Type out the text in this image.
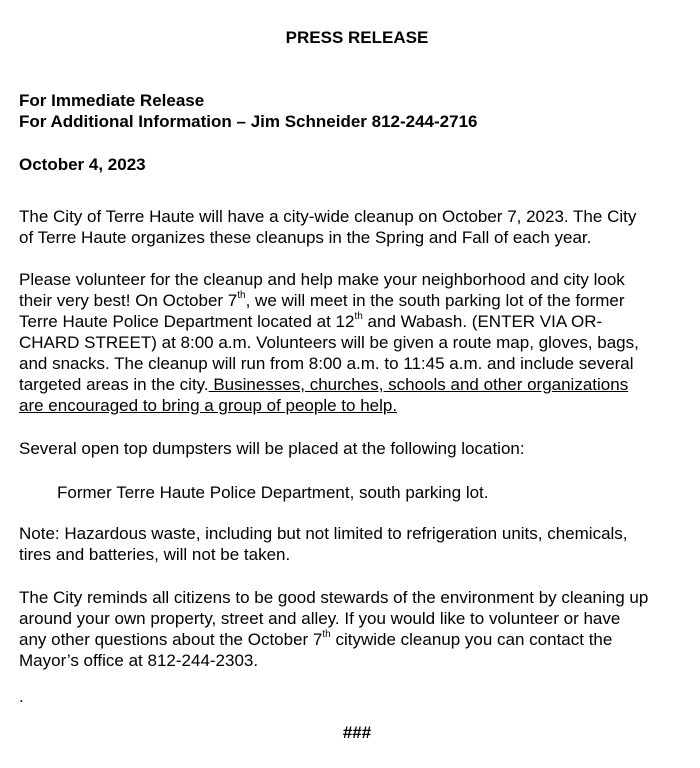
PRESS RELEASE
For Immediate Release
For Additional Information – Jim Schneider 812-244-2716
October 4, 2023
The City of Terre Haute will have a city-wide cleanup on October 7, 2023. The City
of Terre Haute organizes these cleanups in the Spring and Fall of each year.
Please volunteer for the cleanup and help make your neighborhood and city look
their very best! On October 7th, we will meet in the south parking lot of the former
Terre Haute Police Department located at 12th and Wabash. (ENTER VIA OR-
CHARD STREET) at 8:00 a.m. Volunteers will be given a route map, gloves, bags,
and snacks. The cleanup will run from 8:00 a.m. to 11:45 a.m. and include several
targeted areas in the city. Businesses, churches, schools and other organizations
are encouraged to bring a group of people to help.
Several open top dumpsters will be placed at the following location:
Former Terre Haute Police Department, south parking lot.
Note: Hazardous waste, including but not limited to refrigeration units, chemicals,
tires and batteries, will not be taken.
The City reminds all citizens to be good stewards of the environment by cleaning up
around your own property, street and alley. If you would like to volunteer or have
any other questions about the October 7th citywide cleanup you can contact the
Mayor’s office at 812-244-2303.
.
###
